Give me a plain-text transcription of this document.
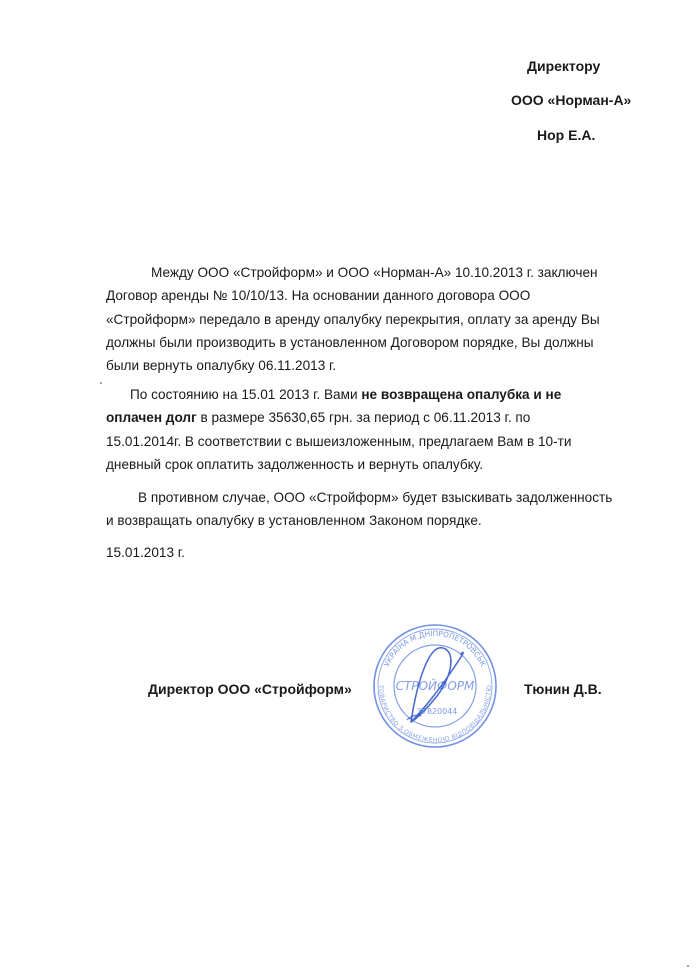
Директору
ООО «Норман-А»
Нор Е.А.
Между ООО «Стройформ» и ООО «Норман-А» 10.10.2013 г. заключен
Договор аренды № 10/10/13. На основании данного договора ООО
«Стройформ» передало в аренду опалубку перекрытия, оплату за аренду Вы
должны были производить в установленном Договором порядке, Вы должны
были вернуть опалубку 06.11.2013 г.
По состоянию на 15.01 2013 г. Вами не возвращена опалубка и не
оплачен долг в размере 35630,65 грн. за период с 06.11.2013 г. по
15.01.2014г. В соответствии с вышеизложенным, предлагаем Вам в 10-ти
дневный срок оплатить задолженность и вернуть опалубку.
В противном случае, ООО «Стройформ» будет взыскивать задолженность
и возвращать опалубку в установленном Законом порядке.
15.01.2013 г.
Директор ООО «Стройформ»	Тюнин Д.В.
УКРАЇНА М.ДНІПРОПЕТРОВСЬК
ТОВАРИСТВО З ОБМЕЖЕНОЮ ВІДПОВІДАЛЬНІСТЮ
СТРОЙФОРМ
37820044
